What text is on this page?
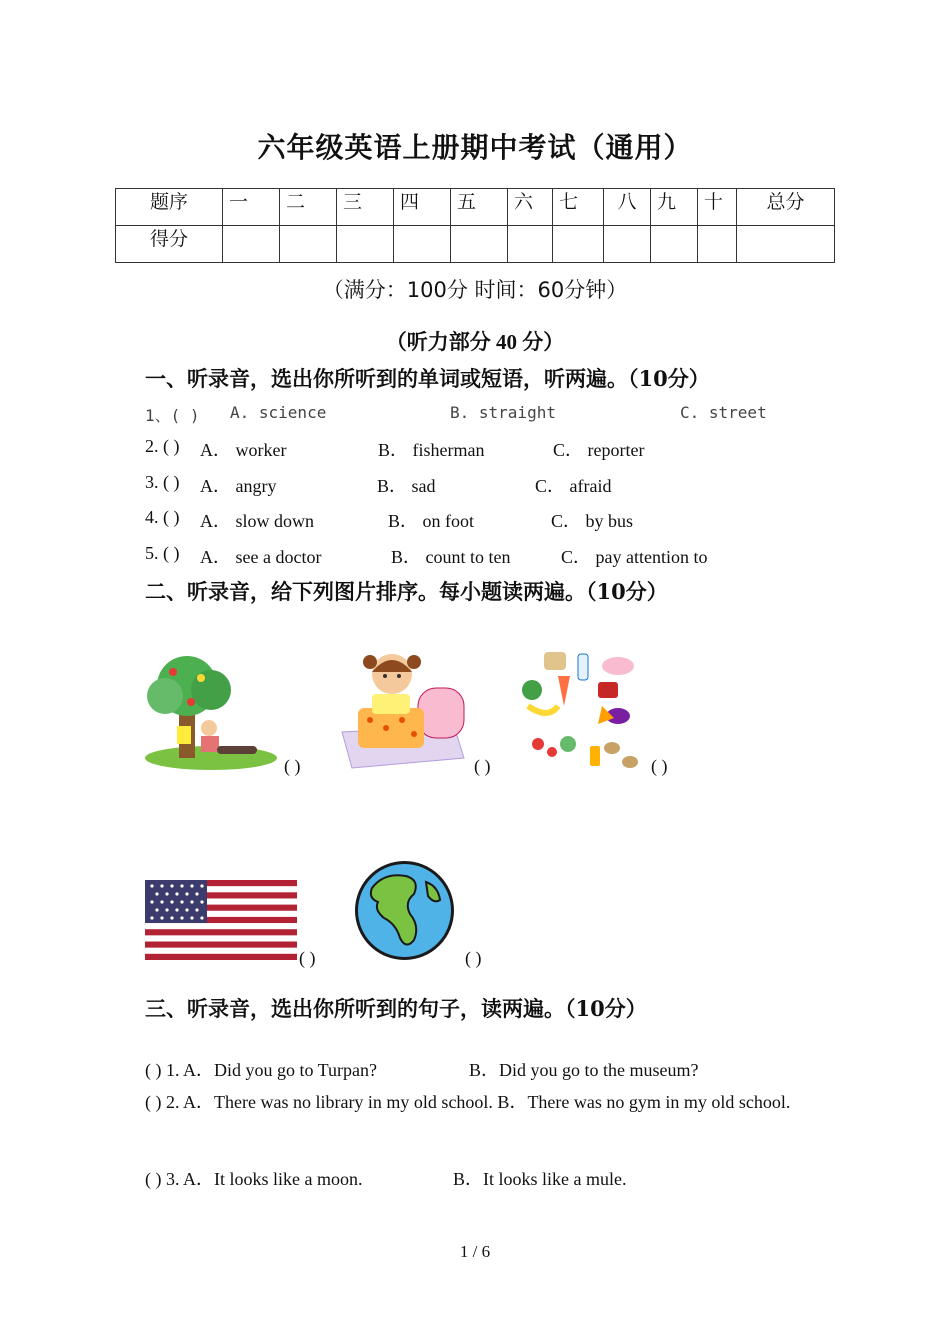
六年级英语上册期中考试（通用）
题序	一	二	三	四	五	六	七	八	九	十	总分
得分											
（满分：100分 时间：60分钟）
（听力部分 40 分）
一、听录音，选出你所听到的单词或短语，听两遍。（10分）
1、( ) A. science	B. straight	C. street
2. ( ) A． worker	B． fisherman	C． reporter
3. ( ) A． angry	B． sad	C． afraid
4. ( ) A． slow down	B． on foot	C． by bus
5. ( ) A． see a doctor	B． count to ten	C． pay attention to
二、听录音，给下列图片排序。每小题读两遍。（10分）
( )	( )	( )
( )	( )
三、听录音，选出你所听到的句子，读两遍。（10分）
( ) 1. A．Did you go to Turpan?	B．Did you go to the museum?
( ) 2. A．There was no library in my old school. B．There was no gym in my old school.
( ) 3. A．It looks like a moon.	B．It looks like a mule.
1 / 6
